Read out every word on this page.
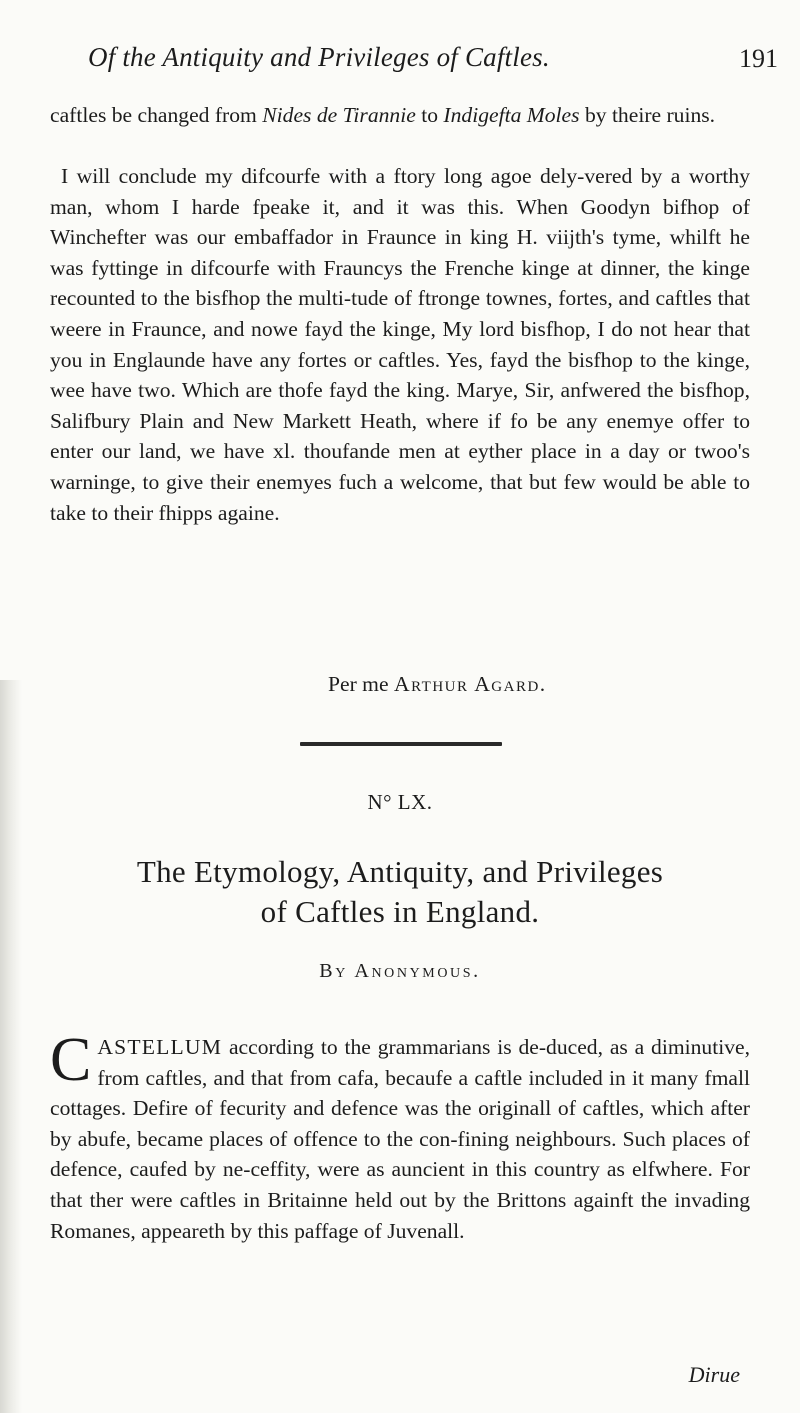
Of the Antiquity and Privileges of Caftles.	191

caftles be changed from Nides de Tirannie to Indigefta Moles by theire ruins.

I will conclude my difcourfe with a ftory long agoe dely-vered by a worthy man, whom I harde fpeake it, and it was this. When Goodyn bifhop of Winchefter was our embaffador in Fraunce in king H. viijth's tyme, whilft he was fyttinge in difcourfe with Frauncys the Frenche kinge at dinner, the kinge recounted to the bisfhop the multi-tude of ftronge townes, fortes, and caftles that weere in Fraunce, and nowe fayd the kinge, My lord bisfhop, I do not hear that you in Englaunde have any fortes or caftles. Yes, fayd the bisfhop to the kinge, wee have two. Which are thofe fayd the king. Marye, Sir, anfwered the bisfhop, Salifbury Plain and New Markett Heath, where if fo be any enemye offer to enter our land, we have xl. thoufande men at eyther place in a day or twoo's warninge, to give their enemyes fuch a welcome, that but few would be able to take to their fhipps againe.

Per me Arthur Agard.
N° LX.
The Etymology, Antiquity, and Privileges
of Caftles in England.
By Anonymous.
CASTELLUM according to the grammarians is de-duced, as a diminutive, from caftles, and that from cafa, becaufe a caftle included in it many fmall cottages. Defire of fecurity and defence was the originall of caftles, which after by abufe, became places of offence to the con-fining neighbours. Such places of defence, caufed by ne-ceffity, were as auncient in this country as elfwhere. For that ther were caftles in Britainne held out by the Brittons againft the invading Romanes, appeareth by this paffage of Juvenall.
Dirue
